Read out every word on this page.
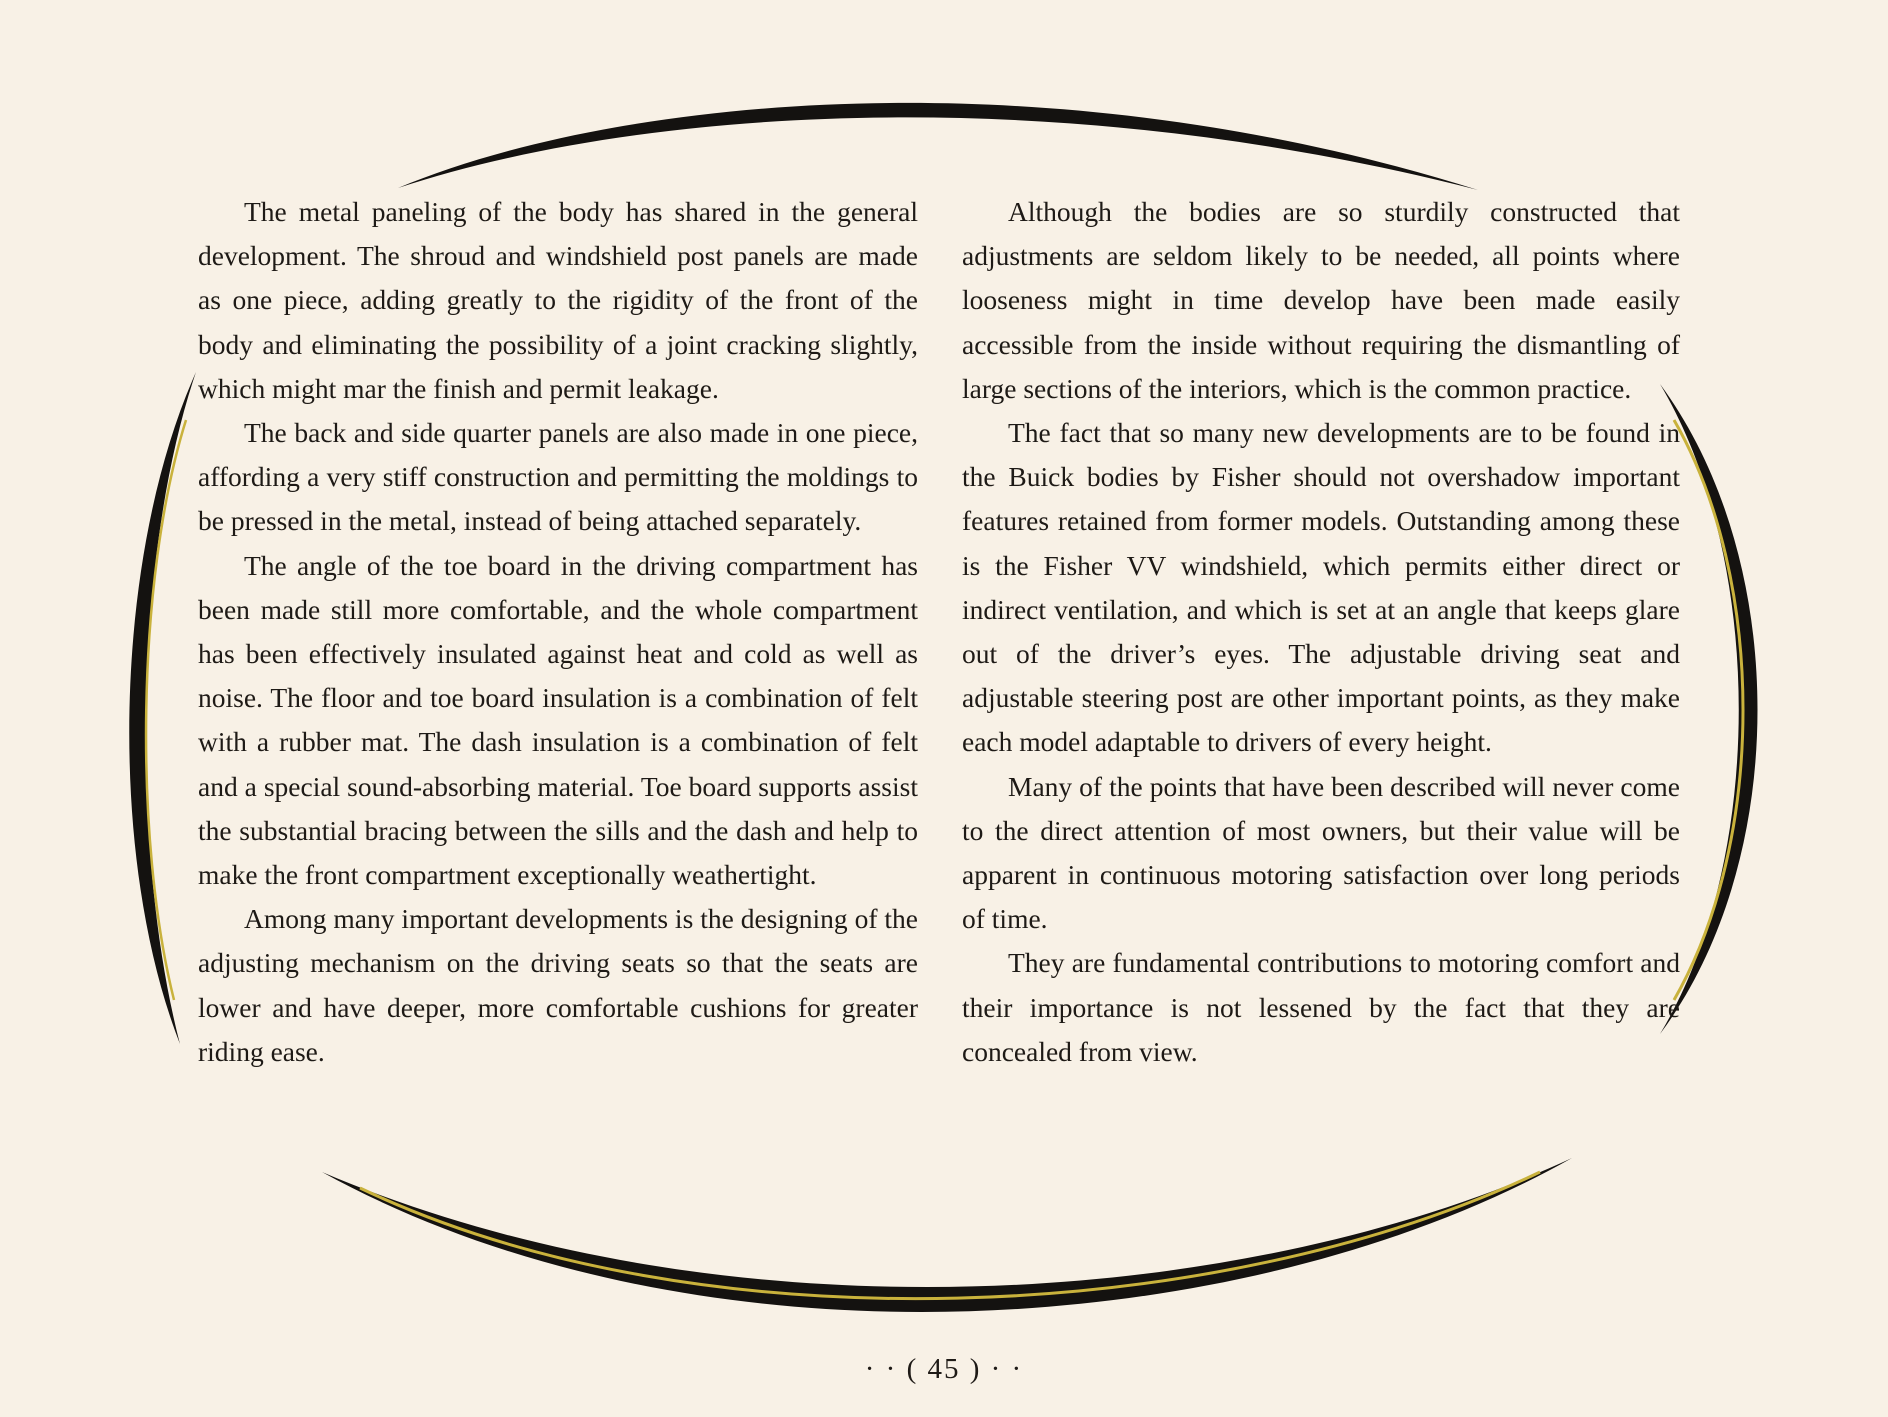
The metal paneling of the body has shared in the general development. The shroud and windshield post panels are made as one piece, adding greatly to the rigidity of the front of the body and eliminating the possibility of a joint cracking slightly, which might mar the finish and permit leakage.

The back and side quarter panels are also made in one piece, affording a very stiff construction and permitting the moldings to be pressed in the metal, instead of being attached separately.

The angle of the toe board in the driving compartment has been made still more comfortable, and the whole compartment has been effectively insulated against heat and cold as well as noise. The floor and toe board insulation is a combination of felt with a rubber mat. The dash insulation is a combination of felt and a special sound-absorbing material. Toe board supports assist the substantial bracing between the sills and the dash and help to make the front compartment exceptionally weathertight.

Among many important developments is the designing of the adjusting mechanism on the driving seats so that the seats are lower and have deeper, more comfortable cushions for greater riding ease.

Although the bodies are so sturdily constructed that adjustments are seldom likely to be needed, all points where looseness might in time develop have been made easily accessible from the inside without requiring the dismantling of large sections of the interiors, which is the common practice.

The fact that so many new developments are to be found in the Buick bodies by Fisher should not overshadow important features retained from former models. Outstanding among these is the Fisher VV windshield, which permits either direct or indirect ventilation, and which is set at an angle that keeps glare out of the driver’s eyes. The adjustable driving seat and adjustable steering post are other important points, as they make each model adaptable to drivers of every height.

Many of the points that have been described will never come to the direct attention of most owners, but their value will be apparent in continuous motoring satisfaction over long periods of time.

They are fundamental contributions to motoring comfort and their importance is not lessened by the fact that they are concealed from view.

· · ( 45 ) · ·
